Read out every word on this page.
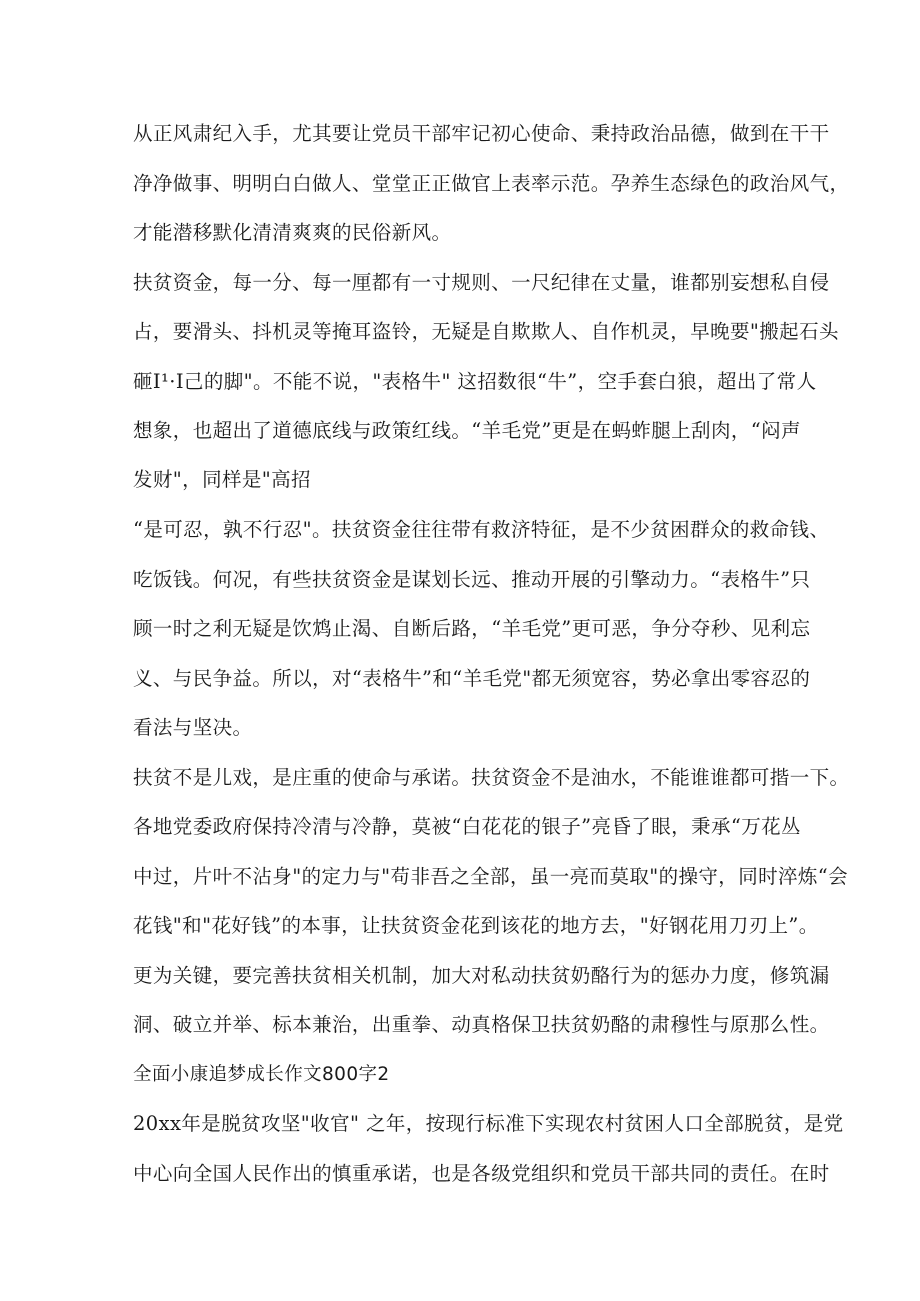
从正风肃纪入手，尤其要让党员干部牢记初心使命、秉持政治品德，做到在干干
净净做事、明明白白做人、堂堂正正做官上表率示范。孕养生态绿色的政治风气，
才能潜移默化清清爽爽的民俗新风。
扶贫资金，每一分、每一厘都有一寸规则、一尺纪律在丈量，谁都别妄想私自侵
占，要滑头、抖机灵等掩耳盗铃，无疑是自欺欺人、自作机灵，早晚要"搬起石头
砸I¹·I己的脚"。不能不说，"表格牛" 这招数很“牛”，空手套白狼，超出了常人
想象，也超出了道德底线与政策红线。“羊毛党”更是在蚂蚱腿上刮肉，“闷声
发财"，同样是"高招
“是可忍，孰不行忍"。扶贫资金往往带有救济特征，是不少贫困群众的救命钱、
吃饭钱。何况，有些扶贫资金是谋划长远、推动开展的引擎动力。“表格牛”只
顾一时之利无疑是饮鸩止渴、自断后路，“羊毛党”更可恶，争分夺秒、见利忘
义、与民争益。所以，对“表格牛”和“羊毛党"都无须宽容，势必拿出零容忍的
看法与坚决。
扶贫不是儿戏，是庄重的使命与承诺。扶贫资金不是油水，不能谁谁都可揩一下。
各地党委政府保持冷清与冷静，莫被“白花花的银子”亮昏了眼，秉承“万花丛
中过，片叶不沾身"的定力与"苟非吾之全部，虽一亮而莫取"的操守，同时淬炼“会
花钱"和"花好钱”的本事，让扶贫资金花到该花的地方去，"好钢花用刀刃上”。
更为关键，要完善扶贫相关机制，加大对私动扶贫奶酪行为的惩办力度，修筑漏
洞、破立并举、标本兼治，出重拳、动真格保卫扶贫奶酪的肃穆性与原那么性。
全面小康追梦成长作文800字2
20xx年是脱贫攻坚"收官" 之年，按现行标准下实现农村贫困人口全部脱贫，是党
中心向全国人民作出的慎重承诺，也是各级党组织和党员干部共同的责任。在时
